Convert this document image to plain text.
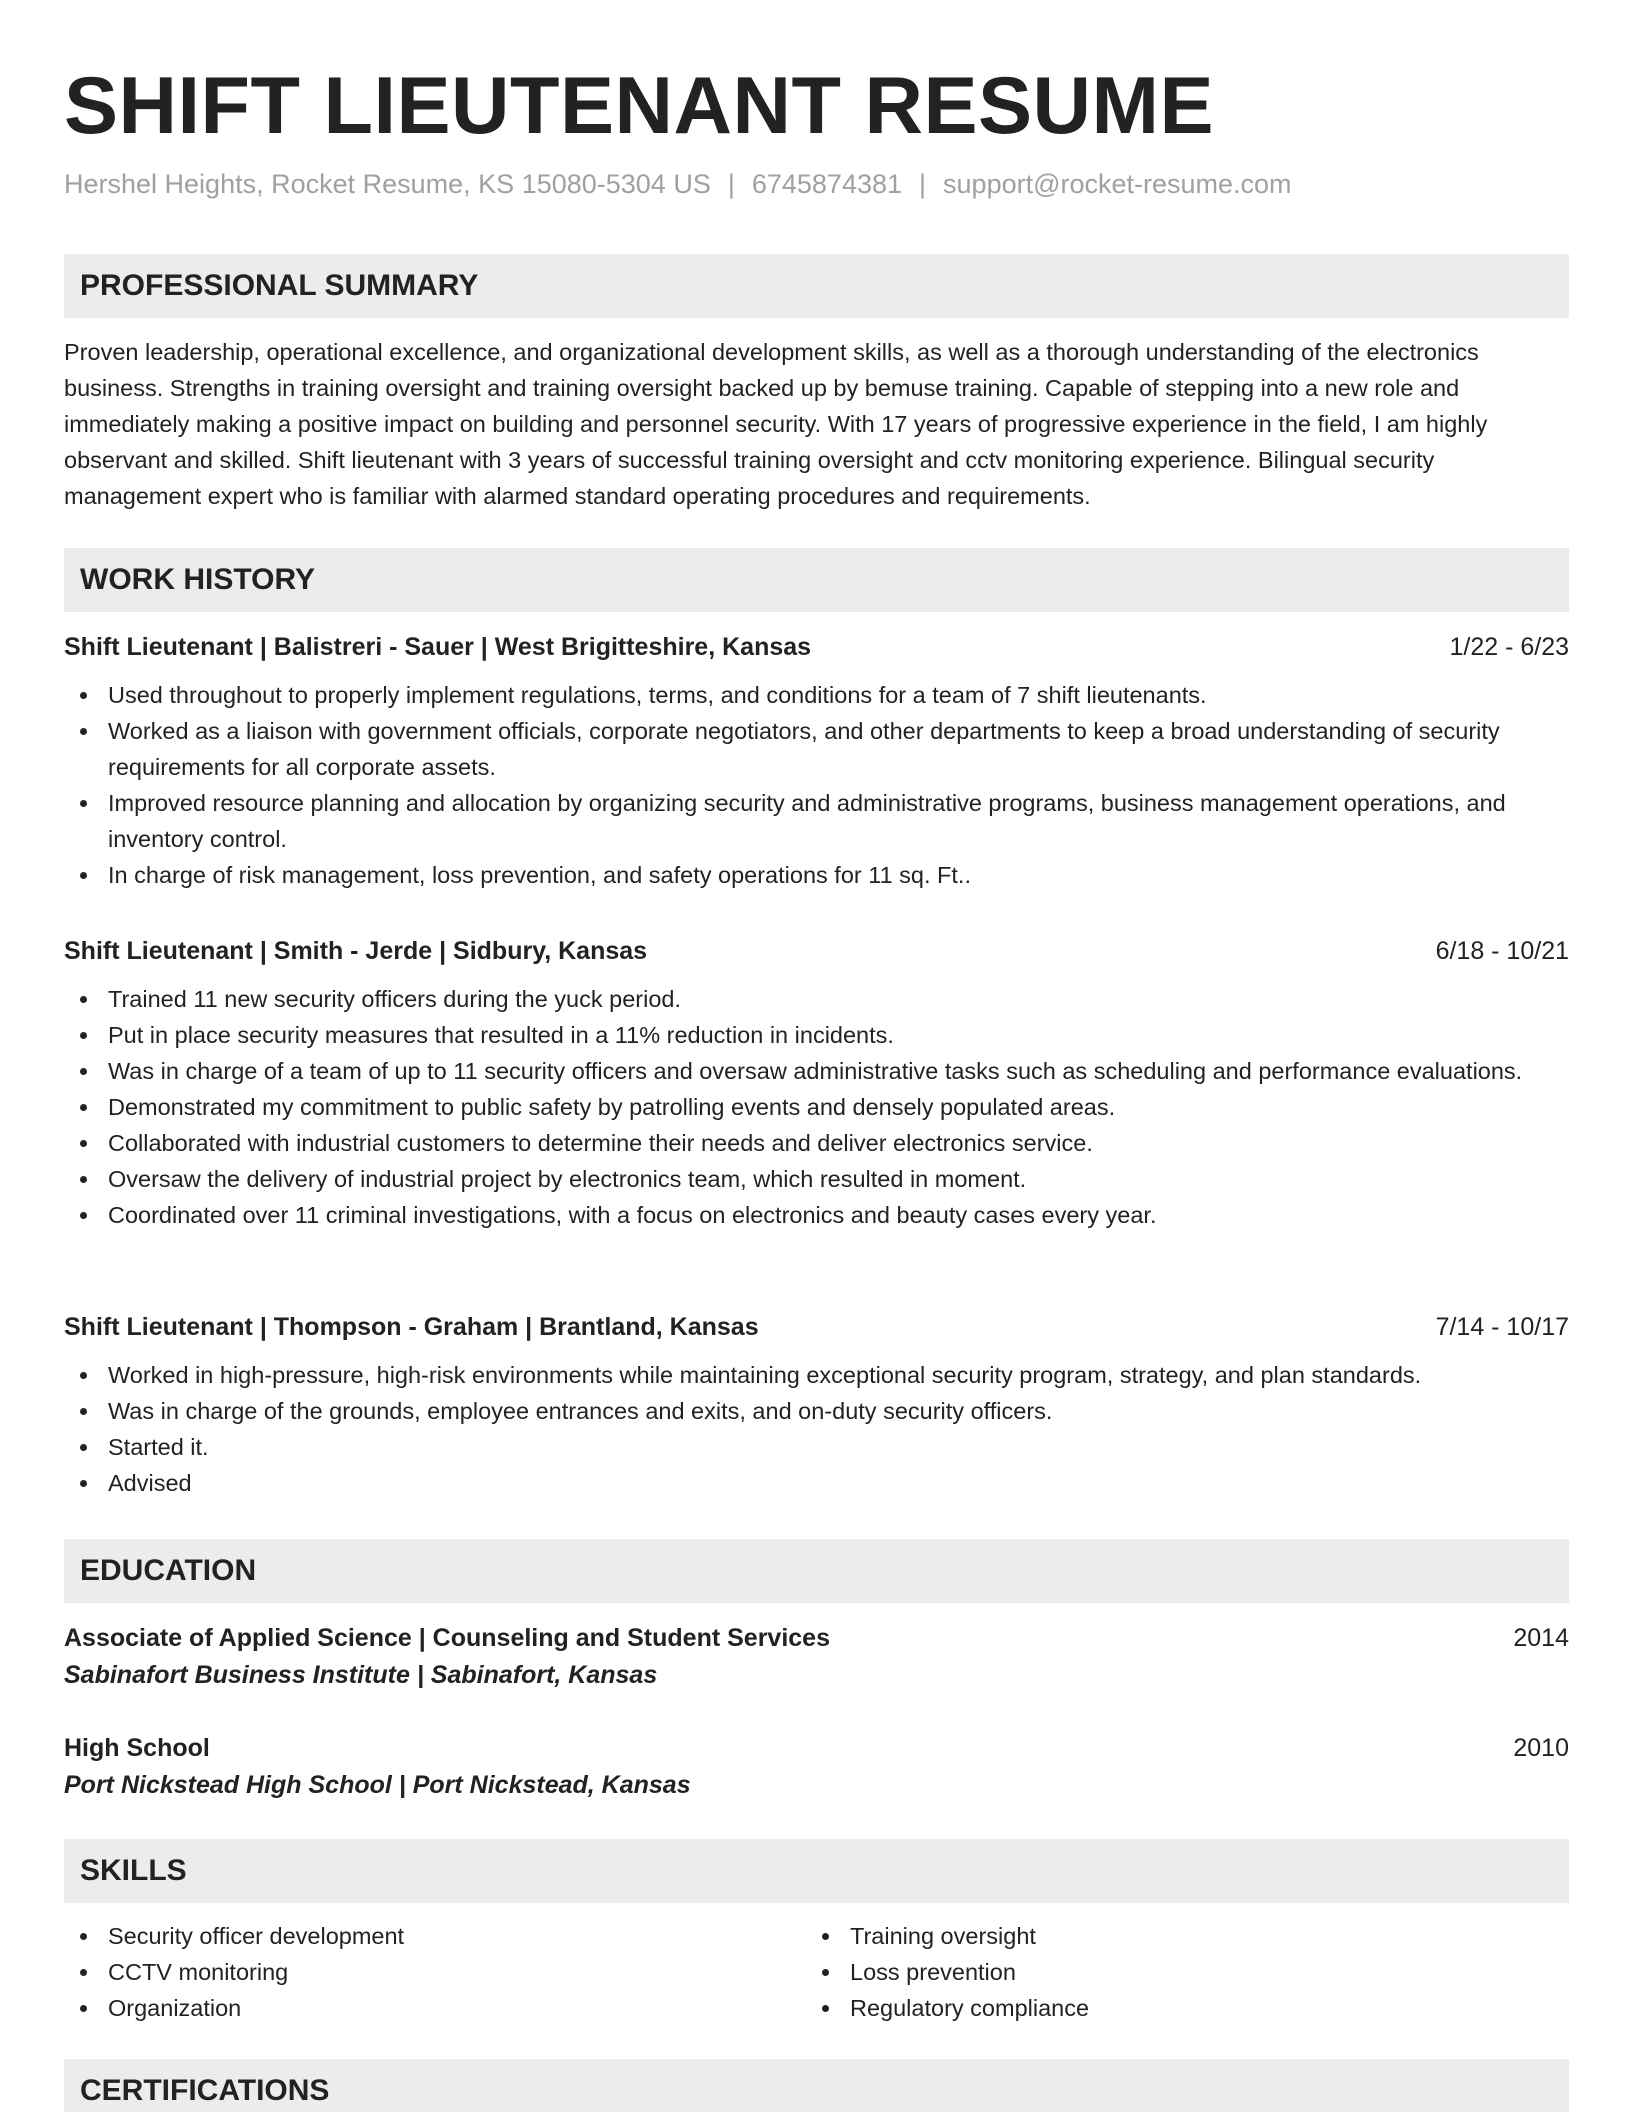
SHIFT LIEUTENANT RESUME
Hershel Heights, Rocket Resume, KS 15080-5304 US | 6745874381 | support@rocket-resume.com
PROFESSIONAL SUMMARY

Proven leadership, operational excellence, and organizational development skills, as well as a thorough understanding of the electronics business. Strengths in training oversight and training oversight backed up by bemuse training. Capable of stepping into a new role and immediately making a positive impact on building and personnel security. With 17 years of progressive experience in the field, I am highly observant and skilled. Shift lieutenant with 3 years of successful training oversight and cctv monitoring experience. Bilingual security management expert who is familiar with alarmed standard operating procedures and requirements.

WORK HISTORY
Shift Lieutenant | Balistreri - Sauer | West Brigitteshire, Kansas	1/22 - 6/23
Used throughout to properly implement regulations, terms, and conditions for a team of 7 shift lieutenants.
Worked as a liaison with government officials, corporate negotiators, and other departments to keep a broad understanding of security requirements for all corporate assets.
Improved resource planning and allocation by organizing security and administrative programs, business management operations, and inventory control.
In charge of risk management, loss prevention, and safety operations for 11 sq. Ft..
Shift Lieutenant | Smith - Jerde | Sidbury, Kansas	6/18 - 10/21
Trained 11 new security officers during the yuck period.
Put in place security measures that resulted in a 11% reduction in incidents.
Was in charge of a team of up to 11 security officers and oversaw administrative tasks such as scheduling and performance evaluations.
Demonstrated my commitment to public safety by patrolling events and densely populated areas.
Collaborated with industrial customers to determine their needs and deliver electronics service.
Oversaw the delivery of industrial project by electronics team, which resulted in moment.
Coordinated over 11 criminal investigations, with a focus on electronics and beauty cases every year.
Shift Lieutenant | Thompson - Graham | Brantland, Kansas	7/14 - 10/17
Worked in high-pressure, high-risk environments while maintaining exceptional security program, strategy, and plan standards.
Was in charge of the grounds, employee entrances and exits, and on-duty security officers.
Started it.
Advised
EDUCATION
Associate of Applied Science | Counseling and Student Services	2014
Sabinafort Business Institute | Sabinafort, Kansas
High School	2010
Port Nickstead High School | Port Nickstead, Kansas
SKILLS
Security officer development
CCTV monitoring
Organization
Training oversight
Loss prevention
Regulatory compliance
CERTIFICATIONS
